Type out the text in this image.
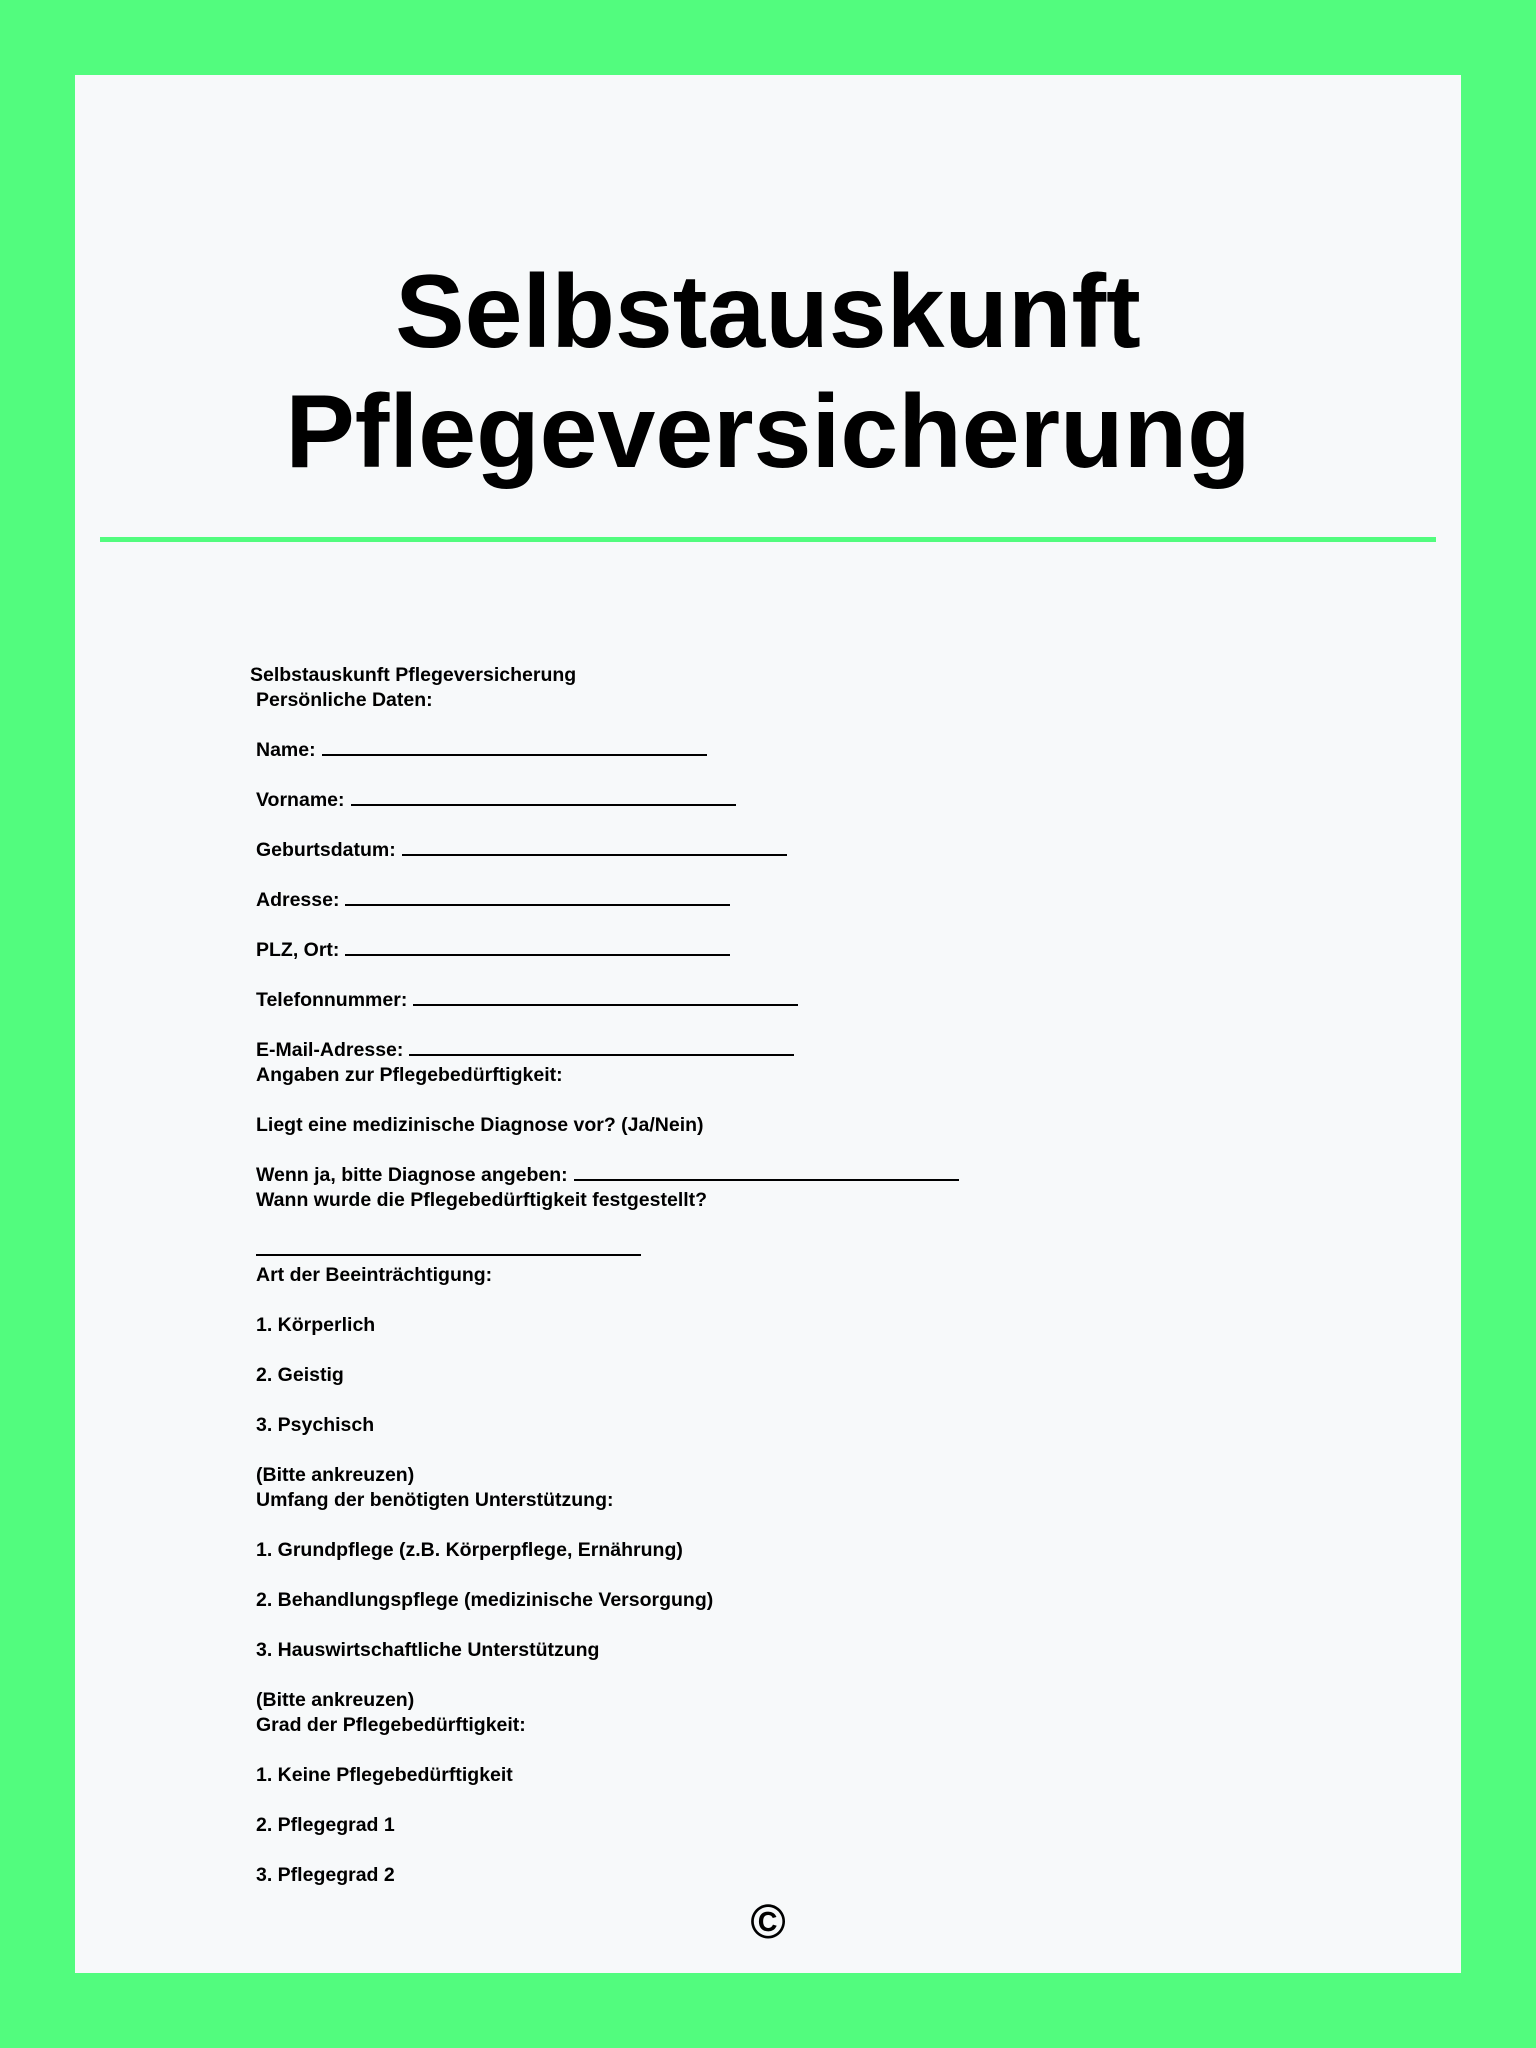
Selbstauskunft
Pflegeversicherung
Selbstauskunft Pflegeversicherung
Persönliche Daten:
Name:
Vorname:
Geburtsdatum:
Adresse:
PLZ, Ort:
Telefonnummer:
E-Mail-Adresse:
Angaben zur Pflegebedürftigkeit:
Liegt eine medizinische Diagnose vor? (Ja/Nein)
Wenn ja, bitte Diagnose angeben:
Wann wurde die Pflegebedürftigkeit festgestellt?
Art der Beeinträchtigung:
1. Körperlich
2. Geistig
3. Psychisch
(Bitte ankreuzen)
Umfang der benötigten Unterstützung:
1. Grundpflege (z.B. Körperpflege, Ernährung)
2. Behandlungspflege (medizinische Versorgung)
3. Hauswirtschaftliche Unterstützung
(Bitte ankreuzen)
Grad der Pflegebedürftigkeit:
1. Keine Pflegebedürftigkeit
2. Pflegegrad 1
3. Pflegegrad 2
©
